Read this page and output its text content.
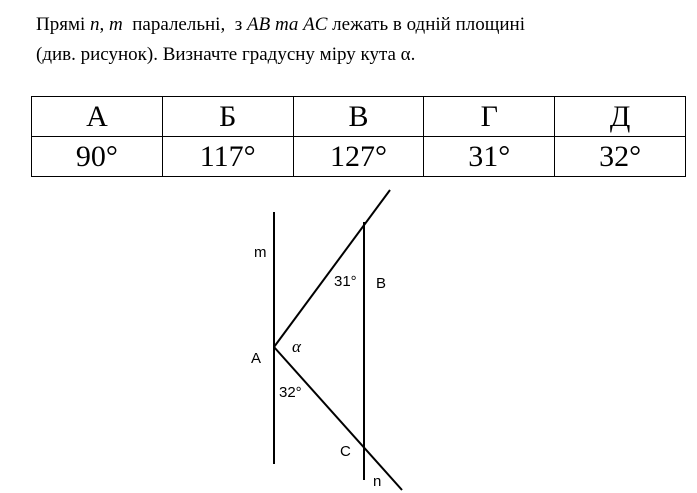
Прямі n, m  паралельні,  з AB та AC лежать в одній площині
(див. рисунок). Визначте градусну міру кута α.
А	Б	В	Г	Д
90°	117°	127°	31°	32°
m
31° B
α
A
32°
C
n
